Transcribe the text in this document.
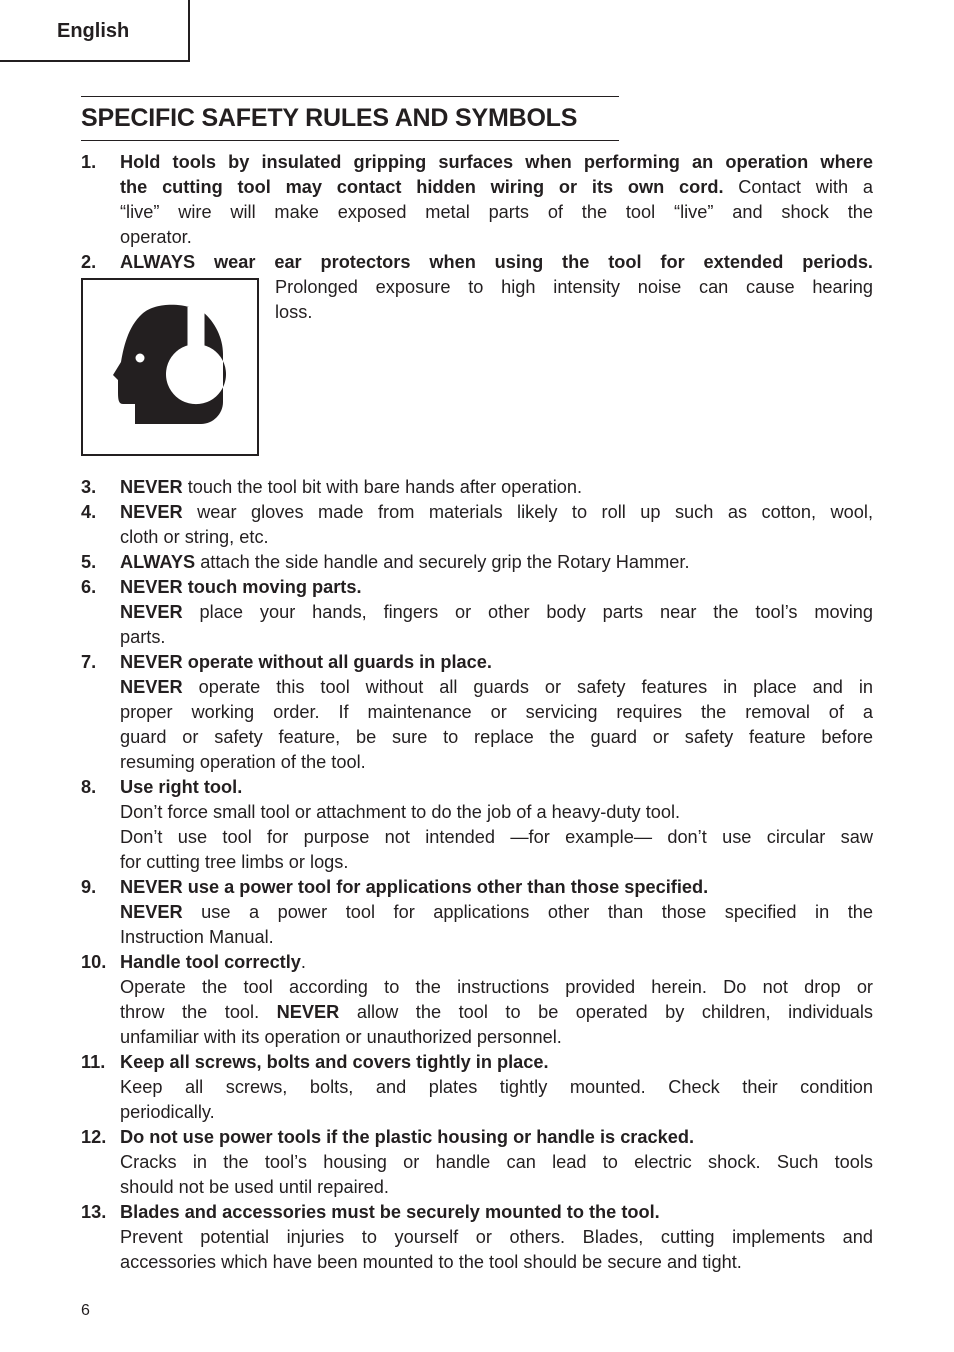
English
SPECIFIC SAFETY RULES AND SYMBOLS
1. Hold tools by insulated gripping surfaces when performing an operation where
the cutting tool may contact hidden wiring or its own cord. Contact with a
“live” wire will make exposed metal parts of the tool “live” and shock the
operator.
2. ALWAYS wear ear protectors when using the tool for extended periods.
Prolonged exposure to high intensity noise can cause hearing
loss.
3. NEVER touch the tool bit with bare hands after operation.
4. NEVER wear gloves made from materials likely to roll up such as cotton, wool,
cloth or string, etc.
5. ALWAYS attach the side handle and securely grip the Rotary Hammer.
6. NEVER touch moving parts.
NEVER place your hands, fingers or other body parts near the tool’s moving
parts.
7. NEVER operate without all guards in place.
NEVER operate this tool without all guards or safety features in place and in
proper working order. If maintenance or servicing requires the removal of a
guard or safety feature, be sure to replace the guard or safety feature before
resuming operation of the tool.
8. Use right tool.
Don’t force small tool or attachment to do the job of a heavy-duty tool.
Don’t use tool for purpose not intended —for example— don’t use circular saw
for cutting tree limbs or logs.
9. NEVER use a power tool for applications other than those specified.
NEVER use a power tool for applications other than those specified in the
Instruction Manual.
10. Handle tool correctly.
Operate the tool according to the instructions provided herein. Do not drop or
throw the tool. NEVER allow the tool to be operated by children, individuals
unfamiliar with its operation or unauthorized personnel.
11. Keep all screws, bolts and covers tightly in place.
Keep all screws, bolts, and plates tightly mounted. Check their condition
periodically.
12. Do not use power tools if the plastic housing or handle is cracked.
Cracks in the tool’s housing or handle can lead to electric shock. Such tools
should not be used until repaired.
13. Blades and accessories must be securely mounted to the tool.
Prevent potential injuries to yourself or others. Blades, cutting implements and
accessories which have been mounted to the tool should be secure and tight.
6
